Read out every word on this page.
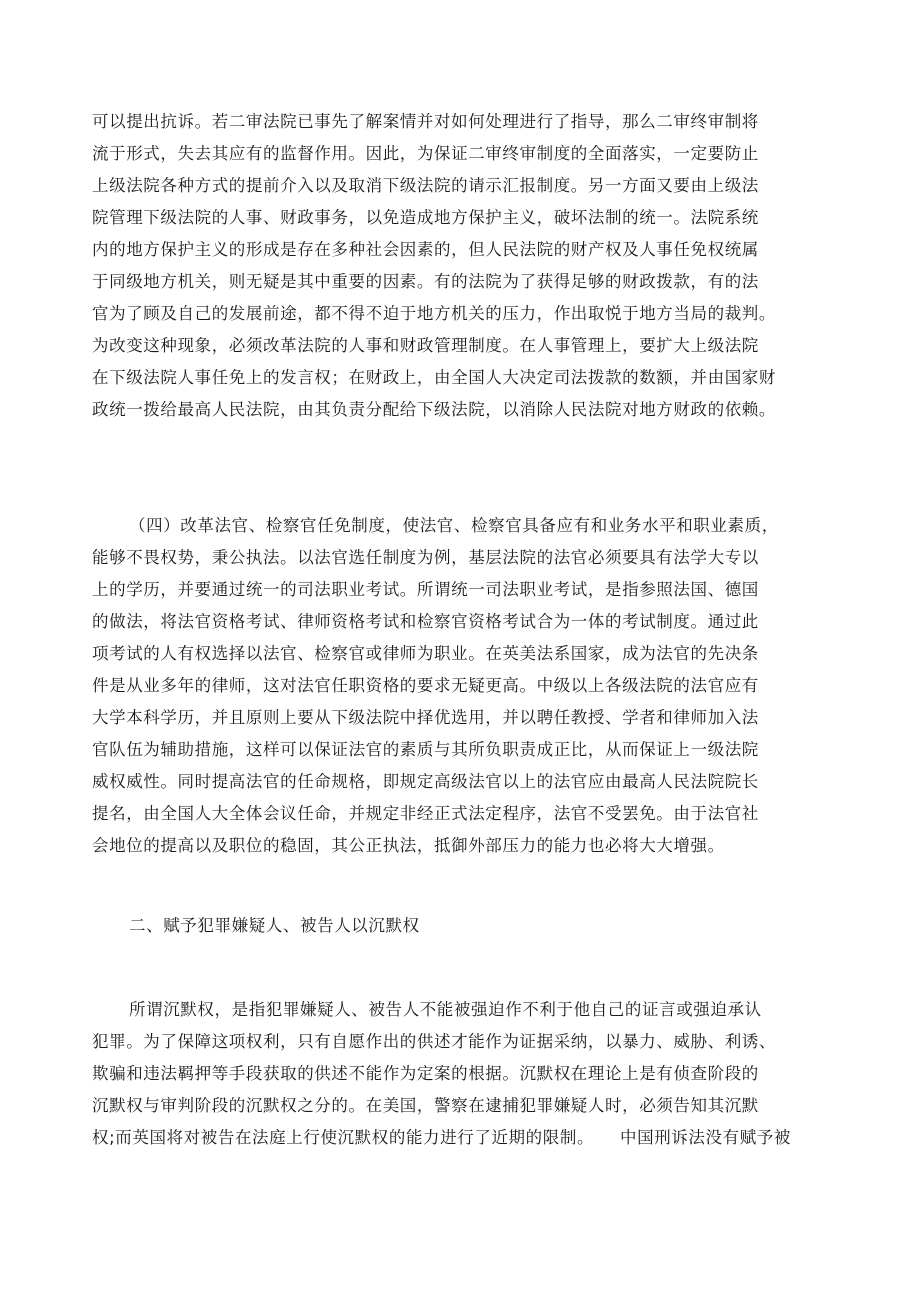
可以提出抗诉。若二审法院已事先了解案情并对如何处理进行了指导，那么二审终审制将
流于形式，失去其应有的监督作用。因此，为保证二审终审制度的全面落实，一定要防止
上级法院各种方式的提前介入以及取消下级法院的请示汇报制度。另一方面又要由上级法
院管理下级法院的人事、财政事务，以免造成地方保护主义，破坏法制的统一。法院系统
内的地方保护主义的形成是存在多种社会因素的，但人民法院的财产权及人事任免权统属
于同级地方机关，则无疑是其中重要的因素。有的法院为了获得足够的财政拨款，有的法
官为了顾及自己的发展前途，都不得不迫于地方机关的压力，作出取悦于地方当局的裁判。
为改变这种现象，必须改革法院的人事和财政管理制度。在人事管理上，要扩大上级法院
在下级法院人事任免上的发言权；在财政上，由全国人大决定司法拨款的数额，并由国家财
政统一拨给最高人民法院，由其负责分配给下级法院，以消除人民法院对地方财政的依赖。
（四）改革法官、检察官任免制度，使法官、检察官具备应有和业务水平和职业素质，
能够不畏权势，秉公执法。以法官选任制度为例，基层法院的法官必须要具有法学大专以
上的学历，并要通过统一的司法职业考试。所谓统一司法职业考试，是指参照法国、德国
的做法，将法官资格考试、律师资格考试和检察官资格考试合为一体的考试制度。通过此
项考试的人有权选择以法官、检察官或律师为职业。在英美法系国家，成为法官的先决条
件是从业多年的律师，这对法官任职资格的要求无疑更高。中级以上各级法院的法官应有
大学本科学历，并且原则上要从下级法院中择优选用，并以聘任教授、学者和律师加入法
官队伍为辅助措施，这样可以保证法官的素质与其所负职责成正比，从而保证上一级法院
威权威性。同时提高法官的任命规格，即规定高级法官以上的法官应由最高人民法院院长
提名，由全国人大全体会议任命，并规定非经正式法定程序，法官不受罢免。由于法官社
会地位的提高以及职位的稳固，其公正执法，抵御外部压力的能力也必将大大增强。
二、赋予犯罪嫌疑人、被告人以沉默权
所谓沉默权，是指犯罪嫌疑人、被告人不能被强迫作不利于他自己的证言或强迫承认
犯罪。为了保障这项权利，只有自愿作出的供述才能作为证据采纳，以暴力、威胁、利诱、
欺骗和违法羁押等手段获取的供述不能作为定案的根据。沉默权在理论上是有侦查阶段的
沉默权与审判阶段的沉默权之分的。在美国，警察在逮捕犯罪嫌疑人时，必须告知其沉默
权;而英国将对被告在法庭上行使沉默权的能力进行了近期的限制。　　中国刑诉法没有赋予被
